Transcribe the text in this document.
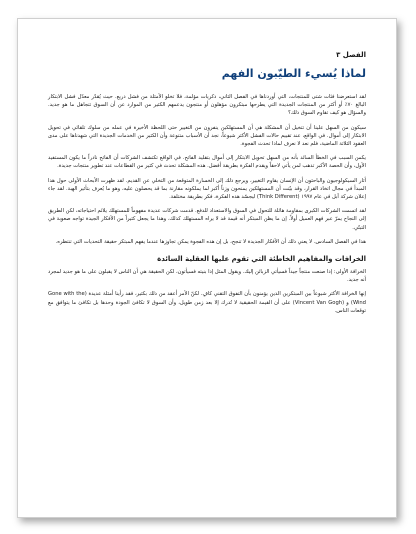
الفصل ٣
لماذا يُسيء الطيّبون الفهم

لقد استعرضنا فئات شتى للمنتجات، التي أوردناها في الفصل الثاني، ذكريات مؤلمة، فلا تخلو الأمثلة من فشل ذريع. حيث يُقدّر معدّل فشل الابتكار البالغ ٧٠٪ أو أكثر من المنتجات الجديدة التي يطرحها مبتكرون مؤهلون أو منتجون يدعمهم الكثير من الموارد عن أن السوق تتجاهل ما هو جديد. والسؤال هو كيف تقاوم السوق ذلك؟

سيكون من السهل علينا أن تتخيل أن المشكلة هي أن المستهلكين ينفرون من التغيير حتى اللحظة الأخيرة في عمله من سلوك تلقائي في تحويل الابتكار إلى أموال. في الواقع، عند تقييم حالات الفشل الأكثر شيوعاً، نجد أن الأسباب متنوعة وأن الكثير من الخدمات الجديدة التي شهدناها على مدى العقود الثلاثة الماضية، فلم نعد لا نعرف لماذا تحدث الفجوة.

يكمن السبب في الخطأ السائد بأنه من السهل تحويل الابتكار إلى أموال بتقليد الفاتح. في الواقع تكتشف الشركات أن الفاتح نادراً ما يكون المستفيد الأول، وأن الحصة الأكبر تذهب لمن يأتي لاحقاً ويقدم الفكرة بطريقة أفضل. هذه المشكلة تحدث في كثير من القطاعات عند تطوير منتجات جديدة.

أثار السيكولوجيون والباحثون أن الإنسان يقاوم التغيير، ويرجع ذلك إلى الخسارة المتوقعة من التخلي عن القديم. لقد ظهرت الأبحاث الأولى حول هذا المبدأ في مجال اتخاذ القرار، وقد بيّنت أن المستهلكين يمنحون وزناً أكبر لما يملكونه مقارنة بما قد يحصلون عليه، وهو ما يُعرف بتأثير الهبة. لقد جاء إعلان شركة آبل في عام ١٩٩٧ (Think Different) ليجسّد هذه الفكرة، فكر بطريقة مختلفة.

لقد اتسمت الشركات الكبرى بمقاومة هائلة للتحول في السوق والاستعداد للدفع. قدمت شركات عديدة مفهوماً للمستهلك يلائم احتياجاته، لكن الطريق إلى النجاح يمرّ عبر فهم العميل أولاً. إن ما يظن المبتكر أنه قيمة قد لا يراه المستهلك كذلك، وهذا ما يجعل كثيراً من الأفكار الجيدة تواجه صعوبة في التبنّي.

هذا في الفصل السادس. لا يعني ذلك أن الأفكار الجديدة لا تنجح، بل إن هذه الفجوة يمكن تجاوزها عندما يفهم المبتكر حقيقة التحديات التي تنتظره.

الخرافات والمفاهيم الخاطئة التي تقوم عليها العقلية السائدة

الخرافة الأولى: إذا صنعت منتجاً جيداً فسيأتي الزبائن إليك. ويقول المثل إذا بنيته فسيأتون، لكن الحقيقة هي أن الناس لا يقبلون على ما هو جديد لمجرد أنه جديد.

إنها الخرافة الأكثر شيوعاً بين المبتكرين الذين يؤمنون بأن التفوق التقني كافٍ. لكنّ الأمر أعقد من ذلك بكثير، فقد رأينا أمثلة عديدة (Gone with the Wind) و (Vincent Van Gogh) على أن القيمة الحقيقية لا تُدرك إلا بعد زمن طويل، وأن السوق لا تكافئ الجودة وحدها بل تكافئ ما يتوافق مع توقعات الناس.
